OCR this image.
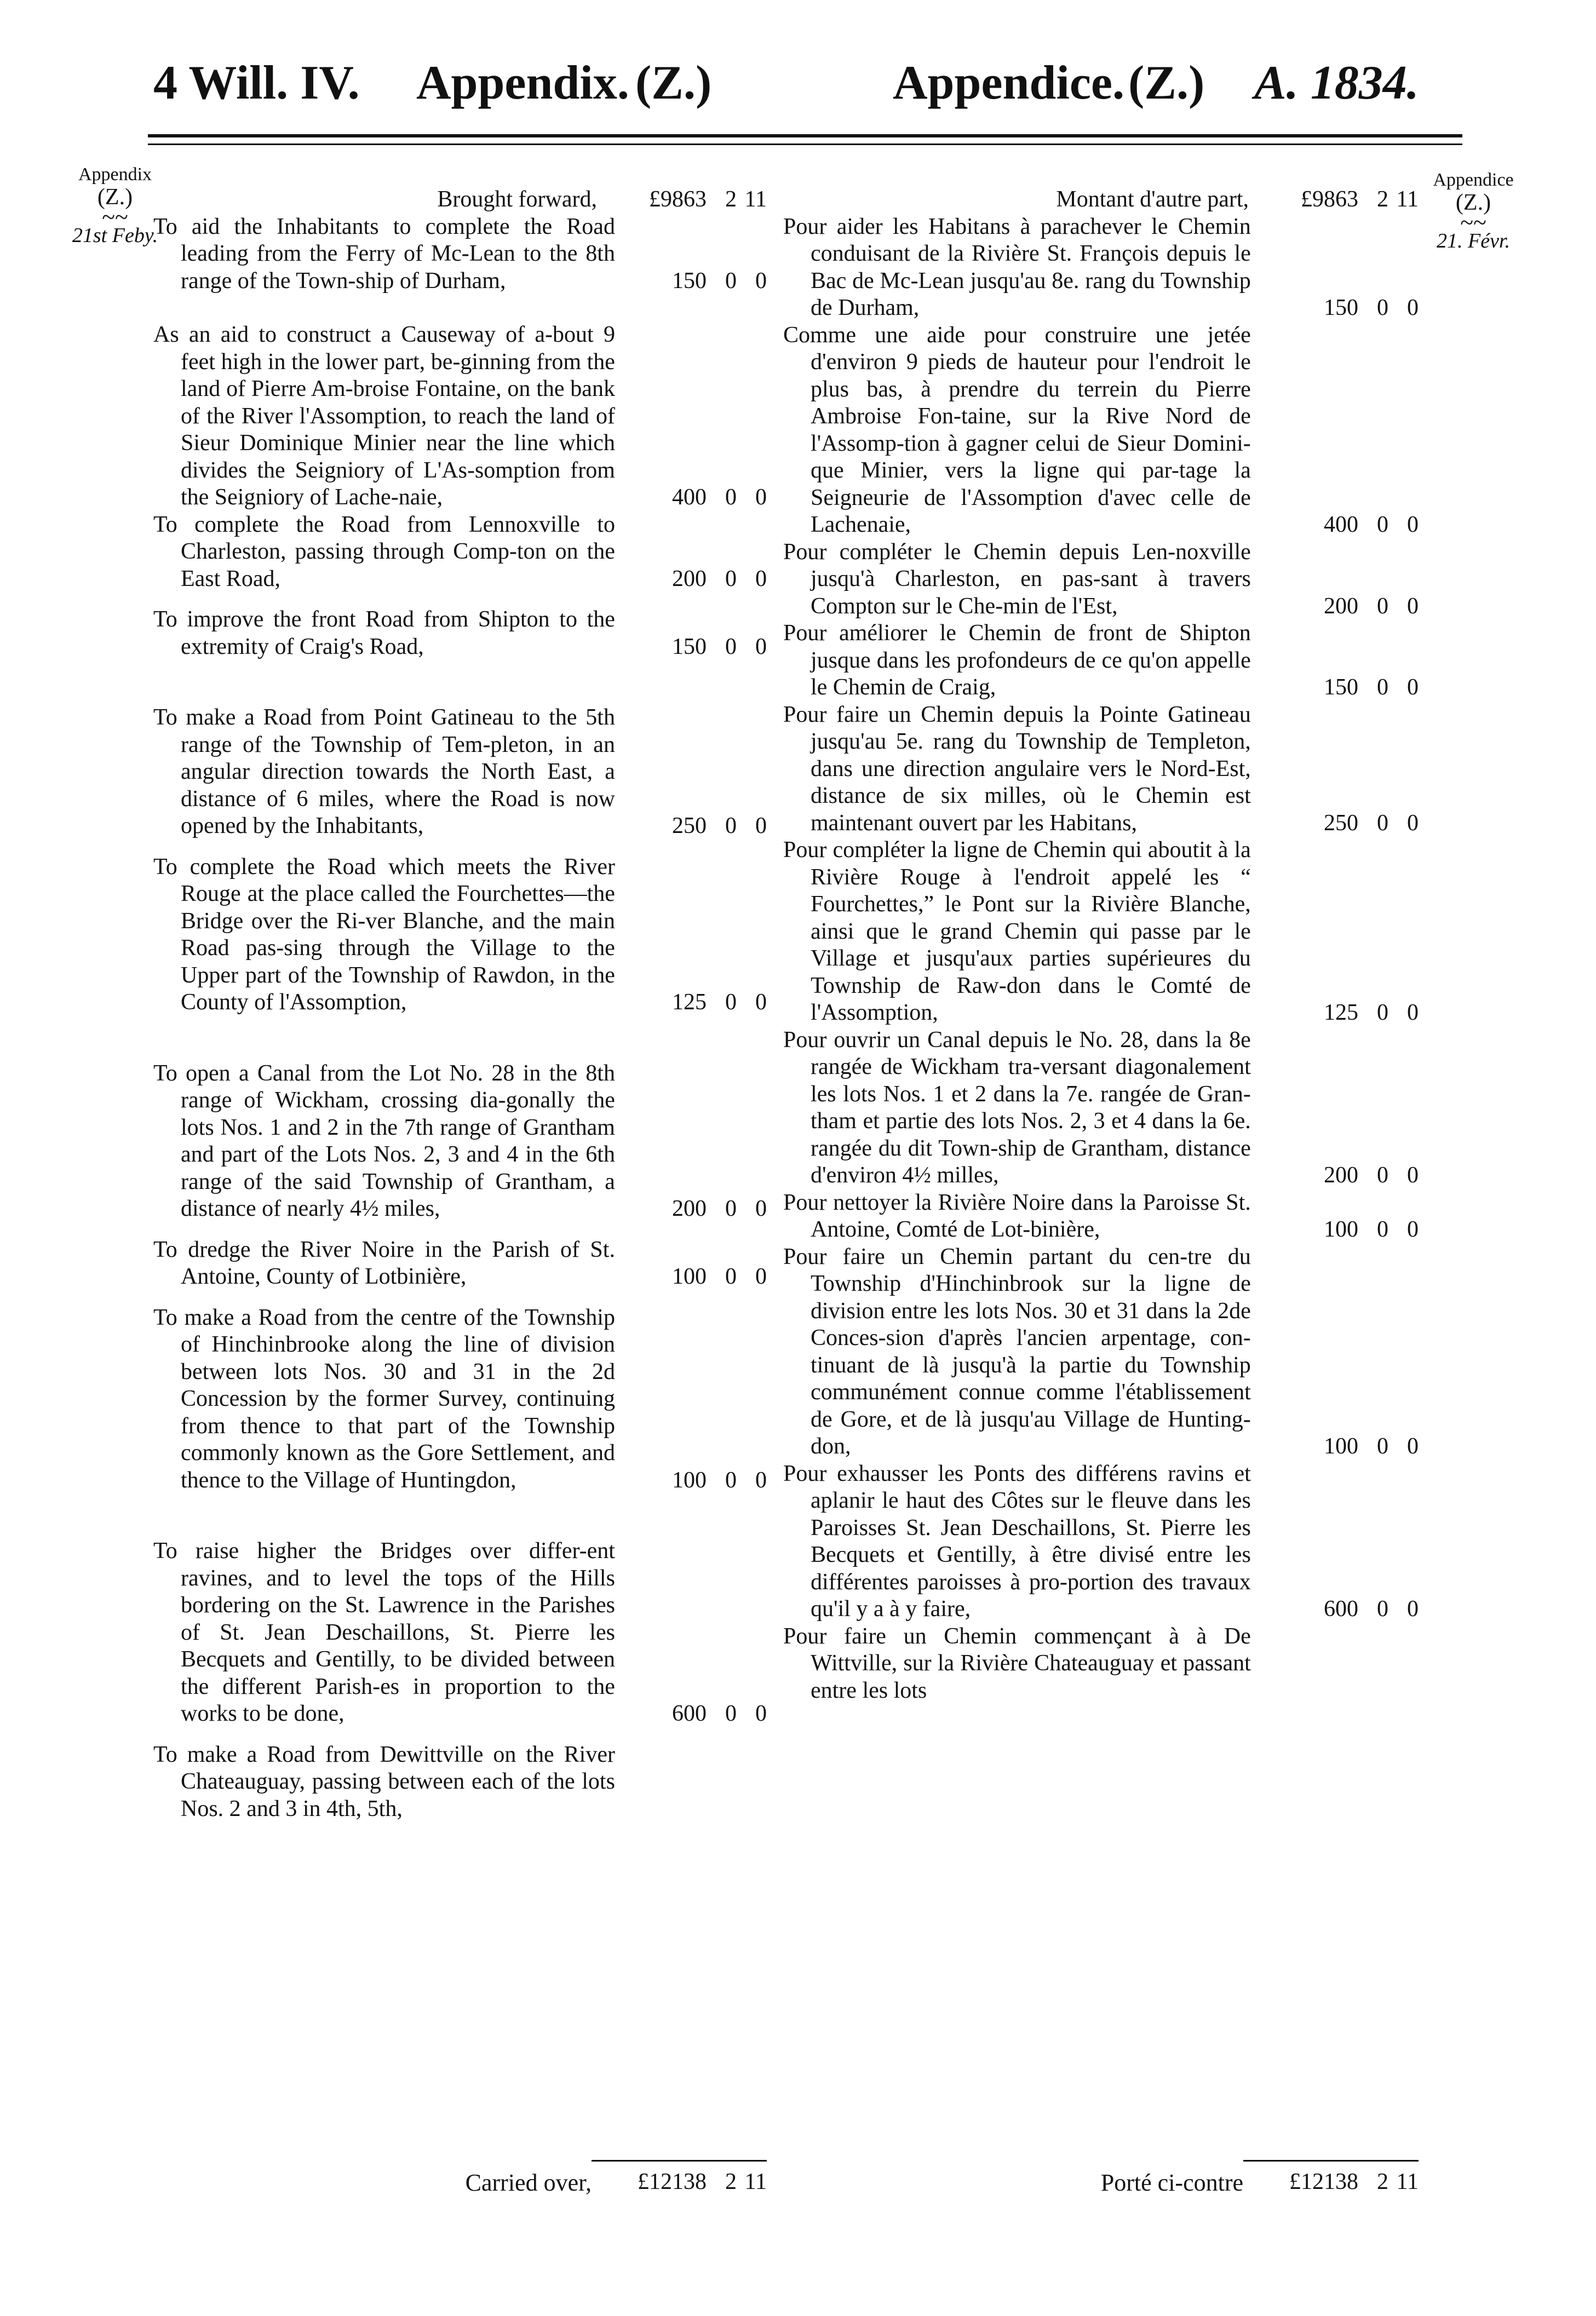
4 Will. IV. Appendix. (Z.)	Appendice. (Z.) A. 1834.
Appendix
(Z.)
~~
21st Feby.
Appendice
(Z.)
~~
21. Févr.
Brought forward,	£9863 2 11
To aid the Inhabitants to complete the Road leading from the Ferry of Mc-Lean to the 8th range of the Town-ship of Durham,	150 0 0
As an aid to construct a Causeway of a-bout 9 feet high in the lower part, be-ginning from the land of Pierre Am-broise Fontaine, on the bank of the River l'Assomption, to reach the land of Sieur Dominique Minier near the line which divides the Seigniory of L'As-somption from the Seigniory of Lache-naie,	400 0 0
To complete the Road from Lennoxville to Charleston, passing through Comp-ton on the East Road,	200 0 0
To improve the front Road from Shipton to the extremity of Craig's Road,	150 0 0
To make a Road from Point Gatineau to the 5th range of the Township of Tem-pleton, in an angular direction towards the North East, a distance of 6 miles, where the Road is now opened by the Inhabitants,	250 0 0
To complete the Road which meets the River Rouge at the place called the Fourchettes—the Bridge over the Ri-ver Blanche, and the main Road pas-sing through the Village to the Upper part of the Township of Rawdon, in the County of l'Assomption,	125 0 0
To open a Canal from the Lot No. 28 in the 8th range of Wickham, crossing dia-gonally the lots Nos. 1 and 2 in the 7th range of Grantham and part of the Lots Nos. 2, 3 and 4 in the 6th range of the said Township of Grantham, a distance of nearly 4½ miles,	200 0 0
To dredge the River Noire in the Parish of St. Antoine, County of Lotbinière,	100 0 0
To make a Road from the centre of the Township of Hinchinbrooke along the line of division between lots Nos. 30 and 31 in the 2d Concession by the former Survey, continuing from thence to that part of the Township commonly known as the Gore Settlement, and thence to the Village of Huntingdon,	100 0 0
To raise higher the Bridges over differ-ent ravines, and to level the tops of the Hills bordering on the St. Lawrence in the Parishes of St. Jean Deschaillons, St. Pierre les Becquets and Gentilly, to be divided between the different Parish-es in proportion to the works to be done,	600 0 0
To make a Road from Dewittville on the River Chateauguay, passing between each of the lots Nos. 2 and 3 in 4th, 5th,
Montant d'autre part,	£9863 2 11
Pour aider les Habitans à parachever le Chemin conduisant de la Rivière St. François depuis le Bac de Mc-Lean jusqu'au 8e. rang du Township de Durham,	150 0 0
Comme une aide pour construire une jetée d'environ 9 pieds de hauteur pour l'endroit le plus bas, à prendre du terrein du Pierre Ambroise Fon-taine, sur la Rive Nord de l'Assomp-tion à gagner celui de Sieur Domini-que Minier, vers la ligne qui par-tage la Seigneurie de l'Assomption d'avec celle de Lachenaie,	400 0 0
Pour compléter le Chemin depuis Len-noxville jusqu'à Charleston, en pas-sant à travers Compton sur le Che-min de l'Est,	200 0 0
Pour améliorer le Chemin de front de Shipton jusque dans les profondeurs de ce qu'on appelle le Chemin de Craig,	150 0 0
Pour faire un Chemin depuis la Pointe Gatineau jusqu'au 5e. rang du Township de Templeton, dans une direction angulaire vers le Nord-Est, distance de six milles, où le Chemin est maintenant ouvert par les Habitans,	250 0 0
Pour compléter la ligne de Chemin qui aboutit à la Rivière Rouge à l'endroit appelé les “ Fourchettes,” le Pont sur la Rivière Blanche, ainsi que le grand Chemin qui passe par le Village et jusqu'aux parties supérieures du Township de Raw-don dans le Comté de l'Assomption,	125 0 0
Pour ouvrir un Canal depuis le No. 28, dans la 8e rangée de Wickham tra-versant diagonalement les lots Nos. 1 et 2 dans la 7e. rangée de Gran-tham et partie des lots Nos. 2, 3 et 4 dans la 6e. rangée du dit Town-ship de Grantham, distance d'environ 4½ milles,	200 0 0
Pour nettoyer la Rivière Noire dans la Paroisse St. Antoine, Comté de Lot-binière,	100 0 0
Pour faire un Chemin partant du cen-tre du Township d'Hinchinbrook sur la ligne de division entre les lots Nos. 30 et 31 dans la 2de Conces-sion d'après l'ancien arpentage, con-tinuant de là jusqu'à la partie du Township communément connue comme l'établissement de Gore, et de là jusqu'au Village de Hunting-don,	100 0 0
Pour exhausser les Ponts des différens ravins et aplanir le haut des Côtes sur le fleuve dans les Paroisses St. Jean Deschaillons, St. Pierre les Becquets et Gentilly, à être divisé entre les différentes paroisses à pro-portion des travaux qu'il y a à y faire,	600 0 0
Pour faire un Chemin commençant à à De Wittville, sur la Rivière Chateauguay et passant entre les lots
Carried over,	£12138 2 11	Porté ci-contre	£12138 2 11
